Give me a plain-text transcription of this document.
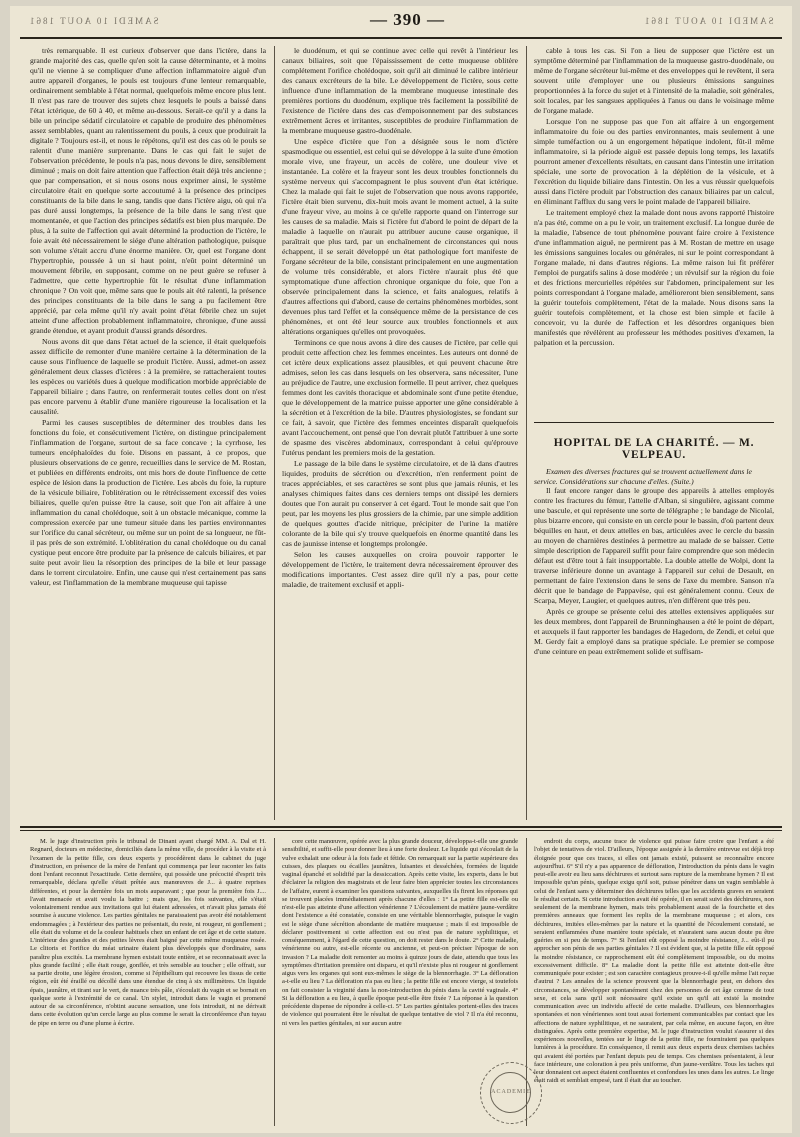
SAMEDI 10 AOUT 1861	— 390 —	SAMEDI 10 AOUT 1861

très remarquable. Il est curieux d'observer que dans l'ictère, dans la grande majorité des cas, quelle qu'en soit la cause déterminante, et à moins qu'il ne vienne à se compliquer d'une affection inflammatoire aiguë d'un autre appareil d'organes, le pouls est toujours d'une lenteur remarquable, ordinairement semblable à l'état normal, quelquefois même encore plus lent. Il n'est pas rare de trouver des sujets chez lesquels le pouls a baissé dans l'état ictérique, de 60 à 40, et même au-dessous. Serait-ce qu'il y a dans la bile un principe sédatif circulatoire et capable de produire des phénomènes assez semblables, quant au ralentissement du pouls, à ceux que produirait la digitale ? Toujours est-il, et nous le répétons, qu'il est des cas où le pouls se ralentit d'une manière surprenante. Dans le cas qui fait le sujet de l'observation précédente, le pouls n'a pas, nous devons le dire, sensiblement diminué ; mais on doit faire attention que l'affection était déjà très ancienne ; que par compensation, et si nous osons nous exprimer ainsi, le système circulatoire était en quelque sorte accoutumé à la présence des principes constituants de la bile dans le sang, tandis que dans l'ictère aigu, où qui n'a pas duré aussi longtemps, la présence de la bile dans le sang n'est que momentanée, et que l'action des principes sédatifs est bien plus marquée. De plus, à la suite de l'affection qui avait déterminé la production de l'ictère, le foie avait été nécessairement le siége d'une altération pathologique, puisque son volume s'était accru d'une énorme manière. Or, quel est l'organe dont l'hypertrophie, poussée à un si haut point, n'eût point déterminé un mouvement fébrile, en supposant, comme on ne peut guère se refuser à l'admettre, que cette hypertrophie fût le résultat d'une inflammation chronique ? On voit que, même sans que le pouls ait été ralenti, la présence des principes constituants de la bile dans le sang a pu facilement être apprécié, par cela même qu'il n'y avait point d'état fébrile chez un sujet atteint d'une affection probablement inflammatoire, chronique, d'une aussi grande étendue, et ayant produit d'aussi grands désordres.

Nous avons dit que dans l'état actuel de la science, il était quelquefois assez difficile de remonter d'une manière certaine à la détermination de la cause sous l'influence de laquelle se produit l'ictère. Aussi, admet-on assez généralement deux classes d'ictères : à la première, se rattacheraient toutes les espèces ou variétés dues à quelque modification morbide appréciable de l'appareil biliaire ; dans l'autre, on renfermerait toutes celles dont on n'est pas encore parvenu à établir d'une manière rigoureuse la localisation et la causalité.

Parmi les causes susceptibles de déterminer des troubles dans les fonctions du foie, et consécutivement l'ictère, on distingue principalement l'inflammation de l'organe, surtout de sa face concave ; la cyrrhose, les tumeurs encéphaloïdes du foie. Disons en passant, à ce propos, que plusieurs observations de ce genre, recueillies dans le service de M. Rostan, et publiées en différents endroits, ont mis hors de doute l'influence de cette espèce de lésion dans la production de l'ictère. Les abcès du foie, la rupture de la vésicule biliaire, l'oblitération ou le rétrécissement excessif des voies biliaires, quelle qu'en puisse être la cause, soit que l'on ait affaire à une inflammation du canal cholédoque, soit à un obstacle mécanique, comme la compression exercée par une tumeur située dans les parties environnantes sur l'orifice du canal sécréteur, ou même sur un point de sa longueur, ne fût-il pas près de son extrémité. L'oblitération du canal cholédoque ou du canal cystique peut encore être produite par la présence de calculs biliaires, et par suite peut avoir lieu la résorption des principes de la bile et leur passage dans le torrent circulatoire. Enfin, une cause qui n'est certainement pas sans valeur, est l'inflammation de la membrane muqueuse qui tapisse

le duodénum, et qui se continue avec celle qui revêt à l'intérieur les canaux biliaires, soit que l'épaississement de cette muqueuse oblitère complétement l'orifice cholédoque, soit qu'il ait diminué le calibre intérieur des canaux excréteurs de la bile. Le développement de l'ictère, sous cette influence d'une inflammation de la membrane muqueuse intestinale des premières portions du duodénum, explique très facilement la possibilité de l'existence de l'ictère dans des cas d'empoisonnement par des substances extrêmement âcres et irritantes, susceptibles de produire l'inflammation de la membrane muqueuse gastro-duodénale.

Une espèce d'ictère que l'on a désignée sous le nom d'ictère spasmodique ou essentiel, est celui qui se développe à la suite d'une émotion morale vive, une frayeur, un accès de colère, une douleur vive et instantanée. La colère et la frayeur sont les deux troubles fonctionnels du système nerveux qui s'accompagnent le plus souvent d'un état ictérique. Chez la malade qui fait le sujet de l'observation que nous avons rapportée, l'ictère était bien survenu, dix-huit mois avant le moment actuel, à la suite d'une frayeur vive, au moins à ce qu'elle rapporte quand on l'interroge sur les causes de sa maladie. Mais si l'ictère fut d'abord le point de départ de la maladie à laquelle on n'aurait pu attribuer aucune cause organique, il paraîtrait que plus tard, par un enchaînement de circonstances qui nous échappent, il se serait développé un état pathologique fort manifeste de l'organe sécréteur de la bile, consistant principalement en une augmentation de volume très considérable, et alors l'ictère n'aurait plus été que symptomatique d'une affection chronique organique du foie, que l'on a observée principalement dans la science, et faits analogues, relatifs à d'autres affections qui d'abord, cause de certains phénomènes morbides, sont devenues plus tard l'effet et la conséquence même de la persistance de ces phénomènes, et ont été leur source aux troubles fonctionnels et aux altérations organiques qu'elles ont provoquées.

Terminons ce que nous avons à dire des causes de l'ictère, par celle qui produit cette affection chez les femmes enceintes. Les auteurs ont donné de cet ictère deux explications assez plausibles, et qui peuvent chacune être admises, selon les cas dans lesquels on les observera, sans nécessiter, l'une au préjudice de l'autre, une exclusion formelle. Il peut arriver, chez quelques femmes dont les cavités thoracique et abdominale sont d'une petite étendue, que le développement de la matrice puisse apporter une gêne considérable à la sécrétion et à l'excrétion de la bile. D'autres physiologistes, se fondant sur ce fait, à savoir, que l'ictère des femmes enceintes disparaît quelquefois avant l'accouchement, ont pensé que l'on devrait plutôt l'attribuer à une sorte de spasme des viscères abdominaux, correspondant à celui qu'éprouve l'utérus pendant les premiers mois de la gestation.

Le passage de la bile dans le système circulatoire, et de là dans d'autres liquides, produits de sécrétion ou d'excrétion, n'en renferment point de traces appréciables, et ses caractères se sont plus que jamais réunis, et les analyses chimiques faites dans ces derniers temps ont dissipé les derniers doutes que l'on aurait pu conserver à cet égard. Tout le monde sait que l'on peut, par les moyens les plus grossiers de la chimie, par une simple addition de quelques gouttes d'acide nitrique, précipiter de l'urine la matière colorante de la bile qui s'y trouve quelquefois en énorme quantité dans les cas de jaunisse intense et longtemps prolongée.

Selon les causes auxquelles on croira pouvoir rapporter le développement de l'ictère, le traitement devra nécessairement éprouver des modifications importantes. C'est assez dire qu'il n'y a pas, pour cette maladie, de traitement exclusif et appli-

cable à tous les cas. Si l'on a lieu de supposer que l'ictère est un symptôme déterminé par l'inflammation de la muqueuse gastro-duodénale, ou même de l'organe sécréteur lui-même et des enveloppes qui le revêtent, il sera souvent utile d'employer une ou plusieurs émissions sanguines proportionnées à la force du sujet et à l'intensité de la maladie, soit générales, soit locales, par les sangsues appliquées à l'anus ou dans le voisinage même de l'organe malade.

Lorsque l'on ne suppose pas que l'on ait affaire à un engorgement inflammatoire du foie ou des parties environnantes, mais seulement à une simple tuméfaction ou à un engorgement hépatique indolent, fût-il même inflammatoire, si la période aiguë est passée depuis long temps, les laxatifs pourront amener d'excellents résultats, en causant dans l'intestin une irritation spéciale, une sorte de provocation à la déplétion de la vésicule, et à l'excrétion du liquide biliaire dans l'intestin. On les a vus réussir quelquefois aussi dans l'ictère produit par l'obstruction des canaux biliaires par un calcul, en éliminant l'afflux du sang vers le point malade de l'appareil biliaire.

Le traitement employé chez la malade dont nous avons rapporté l'histoire n'a pas été, comme on a pu le voir, un traitement exclusif. La longue durée de la maladie, l'absence de tout phénomène pouvant faire croire à l'existence d'une inflammation aiguë, ne permirent pas à M. Rostan de mettre en usage les émissions sanguines locales ou générales, ni sur le point correspondant à l'organe malade, ni dans d'autres régions. La même raison lui fit préférer l'emploi de purgatifs salins à dose modérée ; un révulsif sur la région du foie et des frictions mercurielles répétées sur l'abdomen, principalement sur les points correspondant à l'organe malade, amélioreront bien sensiblement, sans la guérir toutefois complètement, l'état de la malade. Nous disons sans la guérir toutefois complètement, et la chose est bien simple et facile à concevoir, vu la durée de l'affection et les désordres organiques bien manifestés que révélèrent au professeur les méthodes positives d'examen, la palpation et la percussion.

HOPITAL DE LA CHARITÉ. — M. VELPEAU.
Examen des diverses fractures qui se trouvent actuellement dans le service. Considérations sur chacune d'elles. (Suite.)

Il faut encore ranger dans le groupe des appareils à attelles employés contre les fractures du fémur, l'attelle d'Alban, si singulière, agissant comme une bascule, et qui représente une sorte de télégraphe ; le bandage de Nicolaï, plus bizarre encore, qui consiste en un cercle pour le bassin, d'où partent deux béquilles en haut, et deux attelles en bas, articulées avec le cercle du bassin au moyen de charnières destinées à permettre au malade de se baisser. Cette simple description de l'appareil suffit pour faire comprendre que son médecin défaut est d'être tout à fait insupportable. La double attelle de Wolpi, dont la traverse inférieure donne un avantage à l'appareil sur celui de Desault, en permettant de faire l'extension dans le sens de l'axe du membre. Sanson n'a décrit que le bandage de Pappavèse, qui est généralement connu. Ceux de Scarpa, Meyer, Laugier, et quelques autres, n'en diffèrent que très peu.

Après ce groupe se présente celui des attelles extensives appliquées sur les deux membres, dont l'appareil de Brunninghausen a été le point de départ, et auxquels il faut rapporter les bandages de Hagedorn, de Zendi, et celui que M. Gerdy fait a employé dans sa pratique spéciale. Le premier se compose d'une ceinture en peau extrêmement solide et suffisam-

M. le juge d'instruction près le tribunal de Dinant ayant chargé MM. A. Dal et H. Regnard, docteurs en médecine, domiciliés dans la même ville, de procéder à la visite et à l'examen de la petite fille, ces deux experts y procédèrent dans le cabinet du juge d'instruction, en présence de la mère de l'enfant qui commença par leur raconter les faits dont l'enfant reconnut l'exactitude. Cette dernière, qui possède une précocité d'esprit très remarquable, déclara qu'elle s'était prêtée aux manœuvres de J... à quatre reprises différentes, et pour la dernière fois un mois auparavant ; que pour la première fois J.... l'avait menacée et avait voulu la battre ; mais que, les fois suivantes, elle s'était volontairement rendue aux invitations qui lui étaient adressées, et n'avait plus jamais été soumise à aucune violence. Les parties génitales ne paraissaient pas avoir été notablement endommagées ; à l'extérieur des parties ne présentait, du reste, ni rougeur, ni gonflement ; elle était du volume et de la couleur habituels chez un enfant de cet âge et de cette stature. L'intérieur des grandes et des petites lèvres était baigné par cette même muqueuse rosée. Le clitoris et l'orifice du méat urinaire étaient plus développés que d'ordinaire, sans paraître plus excités. La membrane hymen existait toute entière, et se reconnaissait avec la plus grande facilité ; elle était rouge, gonflée, et très sensible au toucher ; elle offrait, sur sa partie droite, une légère érosion, comme si l'épithélium qui recouvre les tissus de cette région, eût été éraillé ou décollé dans une étendue de cinq à six millimètres. Un liquide épais, jaunâtre, et tirant sur le vert, de nuance très pâle, s'écoulait du vagin et se bornait en quelque sorte à l'extrémité de ce canal. Un stylet, introduit dans le vagin et promené autour de sa circonférence, n'obtint aucune sensation, une fois introduit, ni ne dérivait dans cette évolution qu'un cercle large au plus comme le serait la circonférence d'un tuyau de pipe en terre ou d'une plume à écrire.

core cette manœuvre, opérée avec la plus grande douceur, développa-t-elle une grande sensibilité, et suffit-elle pour donner lieu à une forte douleur. Le liquide qui s'écoulait de la vulve exhalait une odeur à la fois fade et fétide. On remarquait sur la partie supérieure des cuisses, des plaques ou écailles jaunâtres, luisantes et desséchées, formées de liquide vaginal épanché et solidifié par la dessiccation. Après cette visite, les experts, dans le but d'éclairer la religion des magistrats et de leur faire bien apprécier toutes les circonstances de l'affaire, eurent à examiner les questions suivantes, auxquelles ils firent les réponses qui se trouvent placées immédiatement après chacune d'elles : 1° La petite fille est-elle ou n'est-elle pas atteinte d'une affection vénérienne ? L'écoulement de matière jaune-verdâtre dont l'existence a été constatée, consiste en une véritable blennorrhagie, puisque le vagin est le siège d'une sécrétion abondante de matière muqueuse ; mais il est impossible de déclarer positivement si cette affection est ou n'est pas de nature syphilitique, et conséquemment, à l'égard de cette question, on doit rester dans le doute. 2° Cette maladie, vénérienne ou autre, est-elle récente ou ancienne, et peut-on préciser l'époque de son invasion ? La maladie doit remonter au moins à quinze jours de date, attendu que tous les symptômes d'irritation première ont disparu, et qu'il n'existe plus ni rougeur ni gonflement aigus vers les organes qui sont eux-mêmes le siège de la blennorrhagie. 3° La défloration a-t-elle eu lieu ? La défloration n'a pas eu lieu ; la petite fille est encore vierge, si toutefois on fait consister la virginité dans la non-introduction du pénis dans la cavité vaginale. 4° Si la défloration a eu lieu, à quelle époque peut-elle être fixée ? La réponse à la question précédente dispense de répondre à celle-ci. 5° Les parties génitales portent-elles des traces de violence qui pourraient être le résultat de quelque tentative de viol ? Il n'a été reconnu, ni vers les parties génitales, ni sur aucun autre

endroit du corps, aucune trace de violence qui puisse faire croire que l'enfant a été l'objet de tentatives de viol. D'ailleurs, l'époque assignée à la dernière entrevue est déjà trop éloignée pour que ces traces, si elles ont jamais existé, puissent se reconnaître encore aujourd'hui. 6° S'il n'y a pas apparence de défloration, l'introduction du pénis dans le vagin peut-elle avoir eu lieu sans déchirures et surtout sans rupture de la membrane hymen ? Il est impossible qu'un pénis, quelque exigu qu'il soit, puisse pénétrer dans un vagin semblable à celui de l'enfant sans y déterminer des déchirures telles que les accidents graves en seraient le résultat certain. Si cette introduction avait été opérée, il en serait suivi des déchirures, non seulement de la membrane hymen, mais très probablement aussi de la fourchette et des premières anneaux que forment les replis de la membrane muqueuse ; et alors, ces déchirures, imitées elles-mêmes par la nature et la quantité de l'écoulement constaté, se seraient enflammées d'une manière toute spéciale, et n'auraient sans aucun doute pu être guéries en si peu de temps. 7° Si l'enfant eût opposé la moindre résistance, J... eût-il pu approcher son pénis de ses parties génitales ? Il est évident que, si la petite fille eût opposé la moindre résistance, ce rapprochement eût été complètement impossible, ou du moins excessivement difficile. 8° La maladie dont la petite fille est atteinte doit-elle être communiquée pour exister ; est son caractère contagieux prouve-t-il qu'elle même l'ait reçue d'autrui ? Les annales de la science prouvent que la blennorrhagie peut, en dehors des circonstances, se développer spontanément chez des personnes de cet âge comme de tout sexe, et cela sans qu'il soit nécessaire qu'il existe un qu'il ait existé la moindre communication avec un individu affecté de cette maladie. D'ailleurs, ces blennorrhagies spontanées et non vénériennes sont tout aussi fortement communicables par contact que les affections de nature syphilitique, et ne sauraient, par cela même, en aucune façon, en être distinguées. Après cette première expertise, M. le juge d'instruction voulut s'assurer si des expériences nouvelles, tentées sur le linge de la petite fille, ne fourniraient pas quelques lumières à la procédure. En conséquence, il remit aux deux experts deux chemises tachées qui avaient été portées par l'enfant depuis peu de temps. Ces chemises présentaient, à leur face intérieure, une coloration à peu près uniforme, d'un jaune-verdâtre. Tous les taches qui leur donnaient cet aspect étaient confluentes et confondues les unes dans les autres. Le linge était raidi et semblait empesé, tant il était dur au toucher.

ACADEMIE
